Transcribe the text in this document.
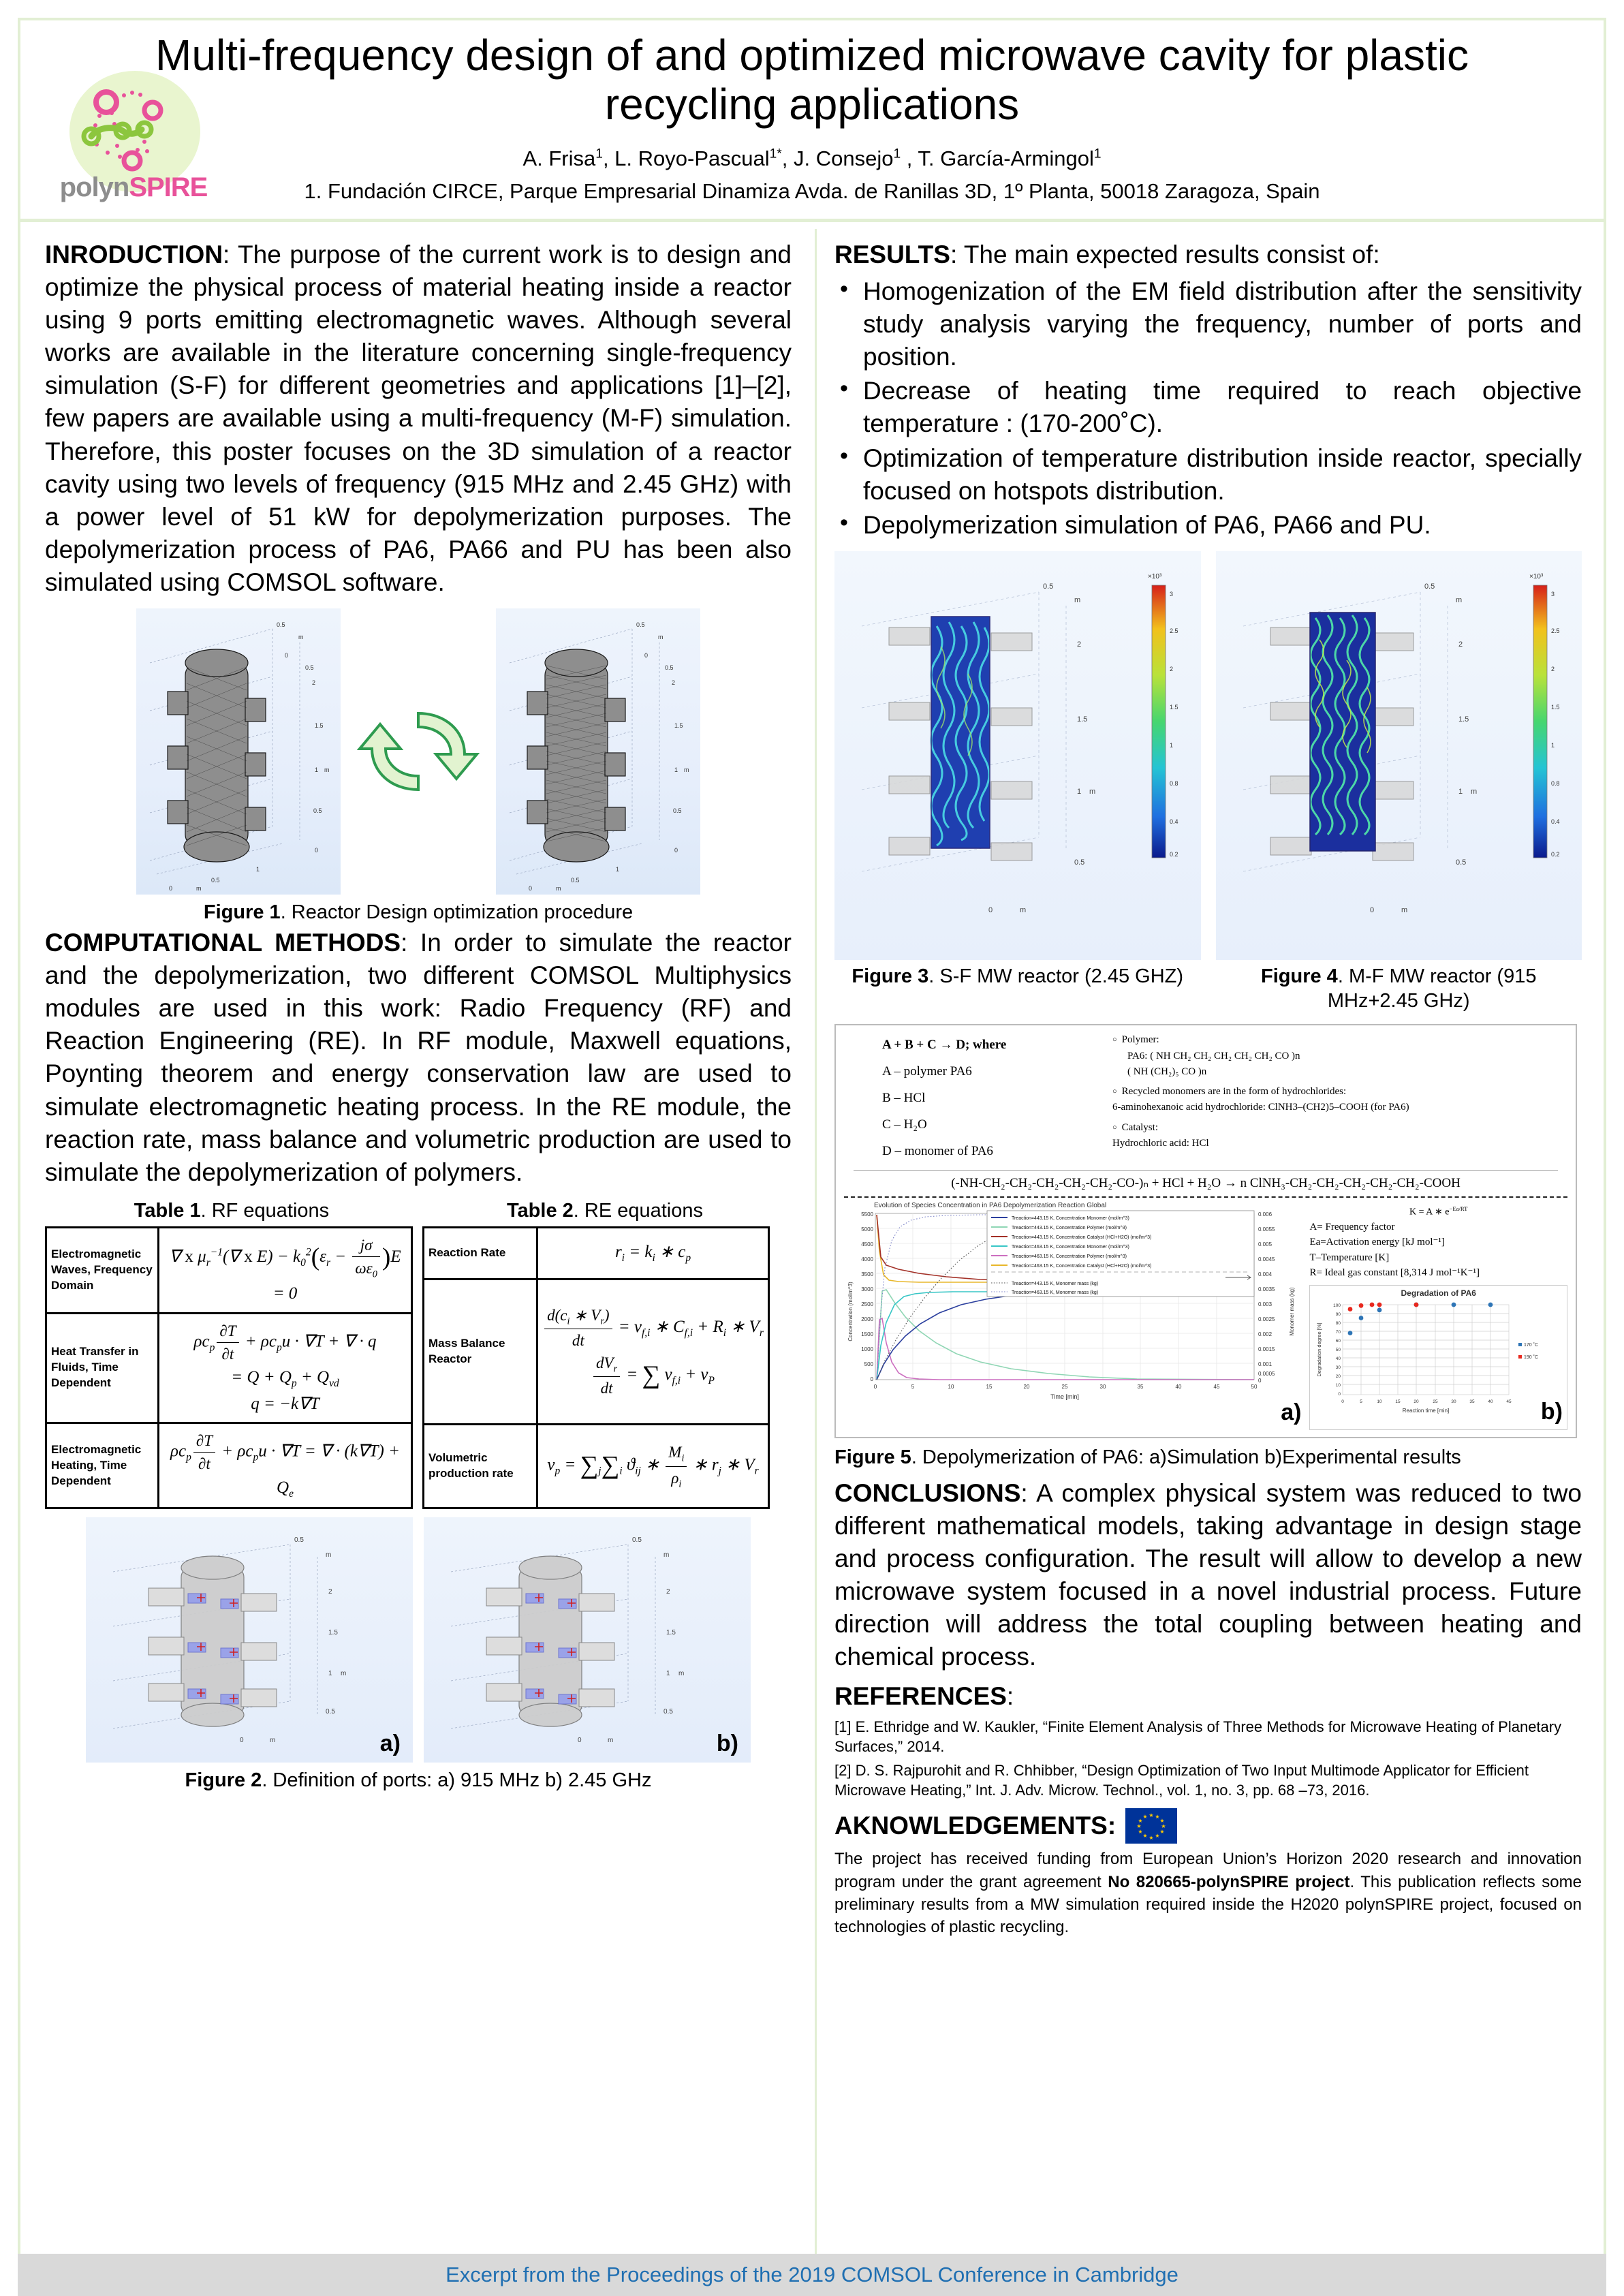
polynSPIRE
Multi-frequency design of and optimized microwave cavity for plastic recycling applications
A. Frisa$^1$, L. Royo-Pascual$^{1*}$, J. Consejo$^1$ , T. García-Armingol$^1$
1. Fundación CIRCE, Parque Empresarial Dinamiza Avda. de Ranillas 3D, 1º Planta, 50018 Zaragoza, Spain

INRODUCTION: The purpose of the current work is to design and optimize the physical process of material heating inside a reactor using 9 ports emitting electromagnetic waves. Although several works are available in the literature concerning single-frequency simulation (S-F) for different geometries and applications [1]–[2], few papers are available using a multi-frequency (M-F) simulation. Therefore, this poster focuses on the 3D simulation of a reactor cavity using two levels of frequency (915 MHz and 2.45 GHz) with a power level of 51 kW for depolymerization purposes. The depolymerization process of PA6, PA66 and PU has been also simulated using COMSOL software.

0.5
m
0
0.5
2
1.5
1 m
0.5
0
1
0.5
0	m
0.5
m
0
0.5
2
1.5
1 m
0.5
0
1
0.5
0	m
Figure 1. Reactor Design optimization procedure

COMPUTATIONAL METHODS: In order to simulate the reactor and the depolymerization, two different COMSOL Multiphysics modules are used in this work: Radio Frequency (RF) and Reaction Engineering (RE). In RF module, Maxwell equations, Poynting theorem and energy conservation law are used to simulate electromagnetic heating process. In the RE module, the reaction rate, mass balance and volumetric production are used to simulate the depolymerization of polymers.

Table 1. RF equations	Table 2. RE equations
Electromagnetic Waves, Frequency Domain	∇ x $\mu_r^{-1}(\nabla$ x $E) - k_0^2(\varepsilon_r - \frac{j\sigma}{\omega\varepsilon_0} )E = 0$
Heat Transfer in Fluids, Time Dependent	$\rho c_p \frac{\partial T}{\partial t} + \rho c_pu \cdot \nabla T$ + ∇ · q
= $Q + Q_p + Q_{vd}$
q = −k∇T
Electromagnetic Heating, Time Dependent	$\rho c_p \frac{\partial T}{\partial t} + \rho c_pu \cdot \nabla T$ = ∇ · $(k\nabla T) + Q_e$
Reaction Rate	$r_i = k_i$ ∗ $c_p$
Mass Balance Reactor	
$\frac{d(c_i ∗ V_r)}{dt} = v_{f,i}$ ∗ $C_{f,i} + R_i$ ∗ $V_r$

$\frac{dV_r}{dt}$ = ∑ $v_{f,i} + v_P$
Volumetric production rate	$v_p = \sum_j\sum_i$ $ϑ_{ij}$ ∗ $\frac{M_i}{\rho_i}$ ∗ $r_j$ ∗ $V_r$
0.5
m
2
1.5
1 m
0.5
0	m	a)
0.5
m
2
1.5
1 m
0.5
0	m	b)
Figure 2. Definition of ports: a) 915 MHz b) 2.45 GHz

RESULTS: The main expected results consist of:

• Homogenization of the EM field distribution after the sensitivity study analysis varying the frequency, number of ports and position.
• Decrease of heating time required to reach objective temperature : (170-200˚C).
• Optimization of temperature distribution inside reactor, specially focused on hotspots distribution.
• Depolymerization simulation of PA6, PA66 and PU.
0.5
m
2
1.5
1 m
0.5
0	m
×10³
3
2.5
2
1.5
1
0.8
0.4
0.2
0.5
m
2
1.5
1 m
0.5
0	m
×10³
3
2.5
2
1.5
1
0.8
0.4
0.2
Figure 3. S-F MW reactor (2.45 GHZ)	Figure 4. M-F MW reactor (915 MHz+2.45 GHz)
A + B + C → D; where
A – polymer PA6
B – HCl
C – H₂O
D – monomer of PA6
○ Polymer:
PA6: ( NH CH₂ CH₂ CH₂ CH₂ CH₂ CO )n
( NH (CH₂)₅ CO )n
○ Recycled monomers are in the form of hydrochlorides:
6-aminohexanoic acid hydrochloride: ClNH3–(CH2)5–COOH (for PA6)
○ Catalyst:
Hydrochloric acid: HCl
(-NH-CH₂-CH₂-CH₂-CH₂-CH₂-CO-)ₙ + HCl + H₂O → n ClNH₃-CH₂-CH₂-CH₂-CH₂-CH₂-COOH
Evolution of Species Concentration in PA6 Depolymerization Reaction Global
5500
5000
4500
4000
3500
3000
2500
2000
1500
1000
500
0
0.006
0.0055
0.005
0.0045
0.004
0.0035
0.003
0.0025
0.002
0.0015
0.001
0.0005
0
0	5	10	15	20	25	30	35	40	45	50
Time [min]
Concentration (mol/m^3)	Monomer mass (kg)
Treaction=443.15 K, Concentration Monomer (mol/m^3)
Treaction=443.15 K, Concentration Polymer (mol/m^3)
Treaction=443.15 K, Concentration Catalyst (HCl+H2O) (mol/m^3)
Treaction=463.15 K, Concentration Monomer (mol/m^3)
Treaction=463.15 K, Concentration Polymer (mol/m^3)
Treaction=463.15 K, Concentration Catalyst (HCl+H2O) (mol/m^3)
Treaction=443.15 K, Monomer mass (kg)
Treaction=463.15 K, Monomer mass (kg)
a)
K = A ∗ $e^{-Ea/RT}$
A= Frequency factor
Ea=Activation energy [kJ mol⁻¹]
T–Temperature [K]
R= Ideal gas constant [8,314 J mol⁻¹K⁻¹]
Degradation of PA6
100
90
80
70
60
50
40
30
20
10
0
0	5	10	15	20	25	30	35	40	45
Reaction time [min]
Degradation degree [%]	170 ˚C
190 ˚C
b)
Figure 5. Depolymerization of PA6: a)Simulation b)Experimental results

CONCLUSIONS: A complex physical system was reduced to two different mathematical models, taking advantage in design stage and process configuration. The result will allow to develop a new microwave system focused in a novel industrial process. Future direction will address the total coupling between heating and chemical process.

REFERENCES:

[1] E. Ethridge and W. Kaukler, “Finite Element Analysis of Three Methods for Microwave Heating of Planetary Surfaces,” 2014.
[2] D. S. Rajpurohit and R. Chhibber, “Design Optimization of Two Input Multimode Applicator for Efficient Microwave Heating,” Int. J. Adv. Microw. Technol., vol. 1, no. 3, pp. 68 –73, 2016.
AKNOWLEDGEMENTS:	★ ★
★
★
★
★
★
★
★
★
★
★
The project has received funding from European Union’s Horizon 2020 research and innovation program under the grant agreement No 820665-polynSPIRE project. This publication reflects some preliminary results from a MW simulation required inside the H2020 polynSPIRE project, focused on technologies of plastic recycling.
Excerpt from the Proceedings of the 2019 COMSOL Conference in Cambridge
